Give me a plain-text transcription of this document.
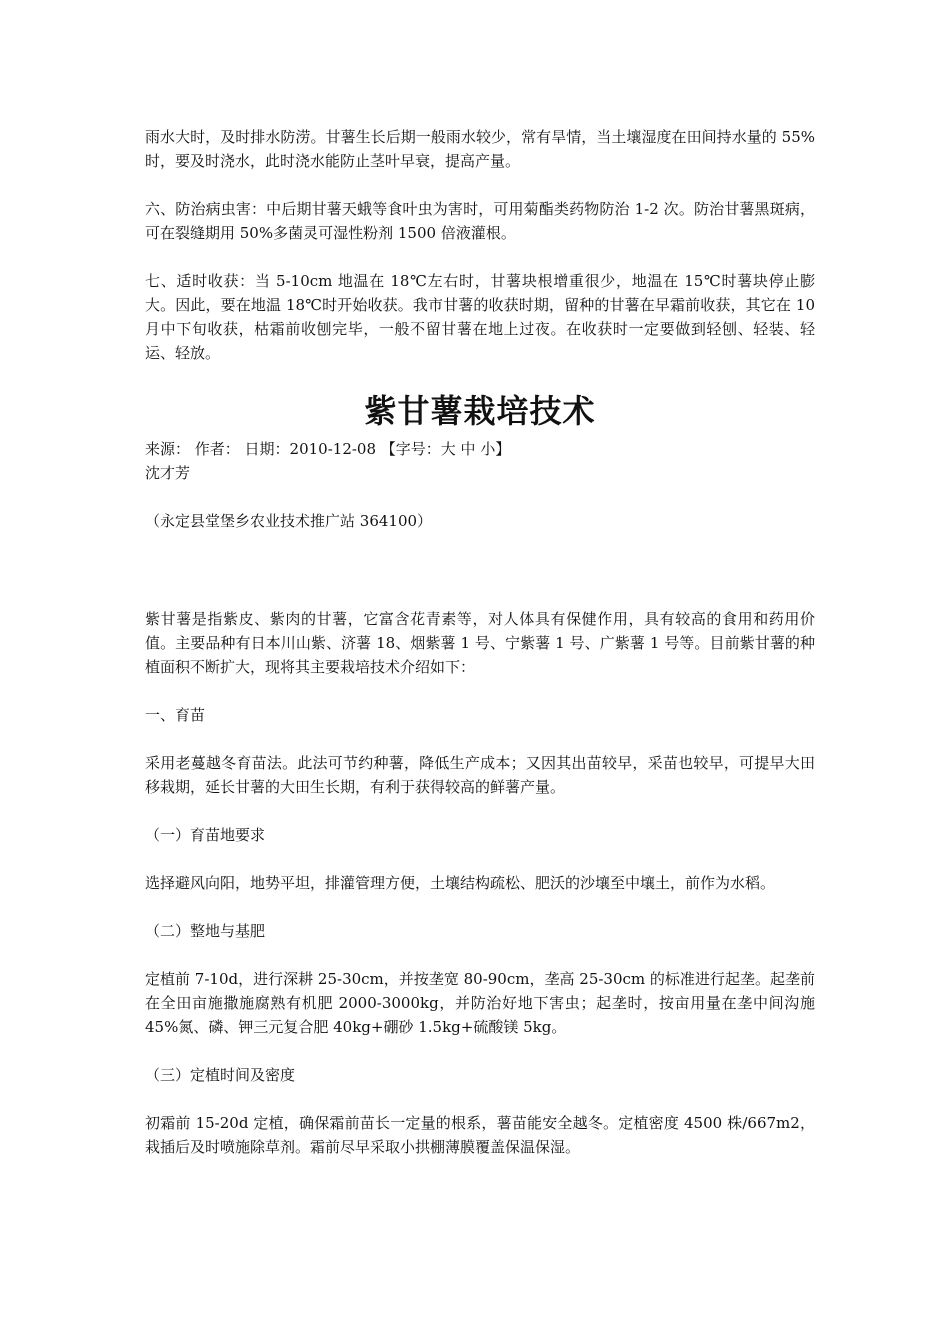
雨水大时，及时排水防涝。甘薯生长后期一般雨水较少，常有旱情，当土壤湿度在田间持水量的 55%时，要及时浇水，此时浇水能防止茎叶早衰，提高产量。

六、防治病虫害：中后期甘薯天蛾等食叶虫为害时，可用菊酯类药物防治 1-2 次。防治甘薯黑斑病，可在裂缝期用 50%多菌灵可湿性粉剂 1500 倍液灌根。

七、适时收获：当 5-10cm 地温在 18℃左右时，甘薯块根增重很少，地温在 15℃时薯块停止膨大。因此，要在地温 18℃时开始收获。我市甘薯的收获时期，留种的甘薯在早霜前收获，其它在 10 月中下旬收获，枯霜前收刨完毕，一般不留甘薯在地上过夜。在收获时一定要做到轻刨、轻装、轻运、轻放。

紫甘薯栽培技术

来源： 作者： 日期：2010-12-08 【字号：大 中 小】

沈才芳

（永定县堂堡乡农业技术推广站 364100）

紫甘薯是指紫皮、紫肉的甘薯，它富含花青素等，对人体具有保健作用，具有较高的食用和药用价值。主要品种有日本川山紫、济薯 18、烟紫薯 1 号、宁紫薯 1 号、广紫薯 1 号等。目前紫甘薯的种植面积不断扩大，现将其主要栽培技术介绍如下：

一、育苗

采用老蔓越冬育苗法。此法可节约种薯，降低生产成本；又因其出苗较早，采苗也较早，可提早大田移栽期，延长甘薯的大田生长期，有利于获得较高的鲜薯产量。

（一）育苗地要求

选择避风向阳，地势平坦，排灌管理方便，土壤结构疏松、肥沃的沙壤至中壤土，前作为水稻。

（二）整地与基肥

定植前 7-10d，进行深耕 25-30cm，并按垄宽 80-90cm，垄高 25-30cm 的标准进行起垄。起垄前在全田亩施撒施腐熟有机肥 2000-3000kg，并防治好地下害虫；起垄时，按亩用量在垄中间沟施 45%氮、磷、钾三元复合肥 40kg+硼砂 1.5kg+硫酸镁 5kg。

（三）定植时间及密度

初霜前 15-20d 定植，确保霜前苗长一定量的根系，薯苗能安全越冬。定植密度 4500 株/667m2，栽插后及时喷施除草剂。霜前尽早采取小拱棚薄膜覆盖保温保湿。
